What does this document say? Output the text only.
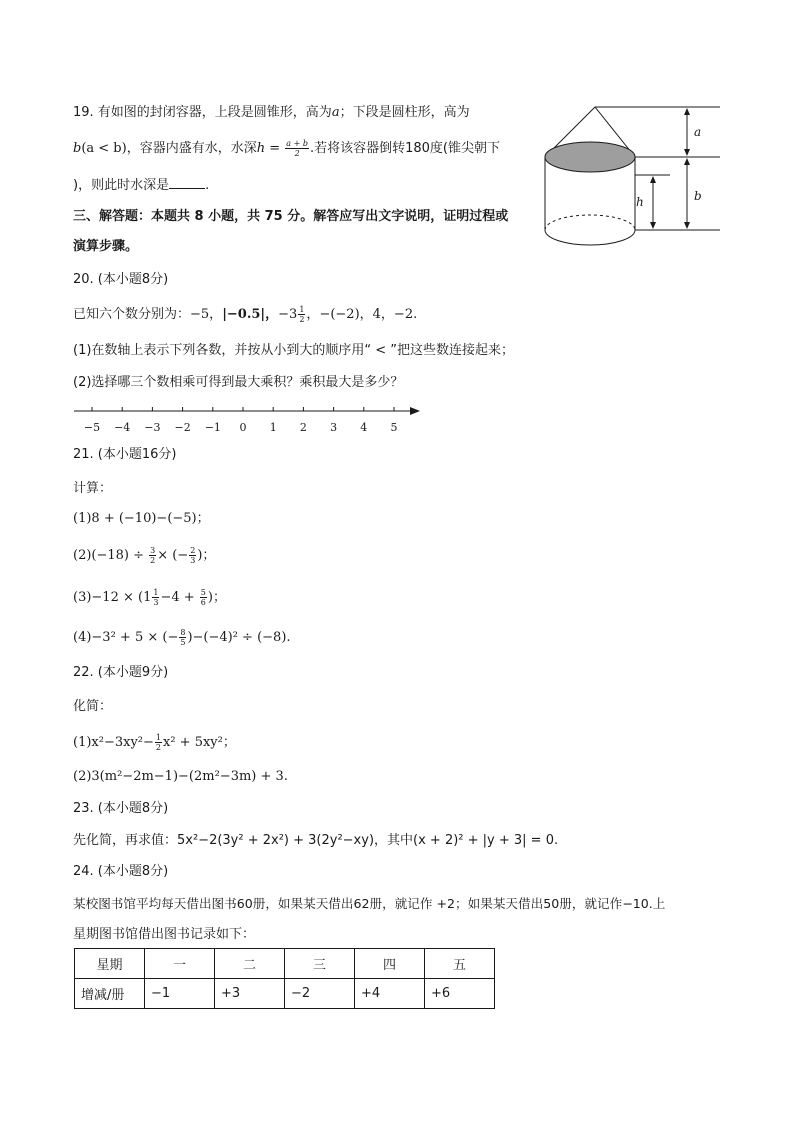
19. 有如图的封闭容器，上段是圆锥形，高为a；下段是圆柱形，高为
b(a < b)，容器内盛有水，水深$h = \frac{a + b}{2}$ .若将该容器倒转180度(锥尖朝下
)，则此时水深是	.
a
b
h
三、解答题：本题共 8 小题，共 75 分。解答应写出文字说明，证明过程或
演算步骤。
20. (本小题8分)
已知六个数分别为：−5，|−0.5|，$-3 \frac{1}{2}$ ，−(−2)，4，−2.
(1)在数轴上表示下列各数，并按从小到大的顺序用“ < ”把这些数连接起来；
(2)选择哪三个数相乘可得到最大乘积？乘积最大是多少？
−5 −4 −3 −2 −1 0 1 2 3 4 5
21. (本小题16分)
计算：
(1)8 + (−10)−(−5)；
$(2)(-18) \div \frac{3}{2}$ × (− $\frac{2}{3}$ )；
$(3)-12 \times (1 \frac{1}{3} -4 + \frac{5}{6}$ )；
(4)−3² + 5 × (− $\frac{8}{5} )-(-4)^2 \div (-8)$.
22. (本小题9分)
化简：
$(1)x^2-3xy^2- \frac{1}{2} x^2 + 5xy^2$；
(2)3(m²−2m−1)−(2m²−3m) + 3.
23. (本小题8分)
先化简，再求值：5x²−2(3y² + 2x²) + 3(2y²−xy)，其中(x + 2)² + |y + 3| = 0.
24. (本小题8分)
某校图书馆平均每天借出图书60册，如果某天借出62册，就记作 +2；如果某天借出50册，就记作−10.上
星期图书馆借出图书记录如下：
星期	一	二	三	四	五
增减/册	−1	+3	−2	+4	+6
